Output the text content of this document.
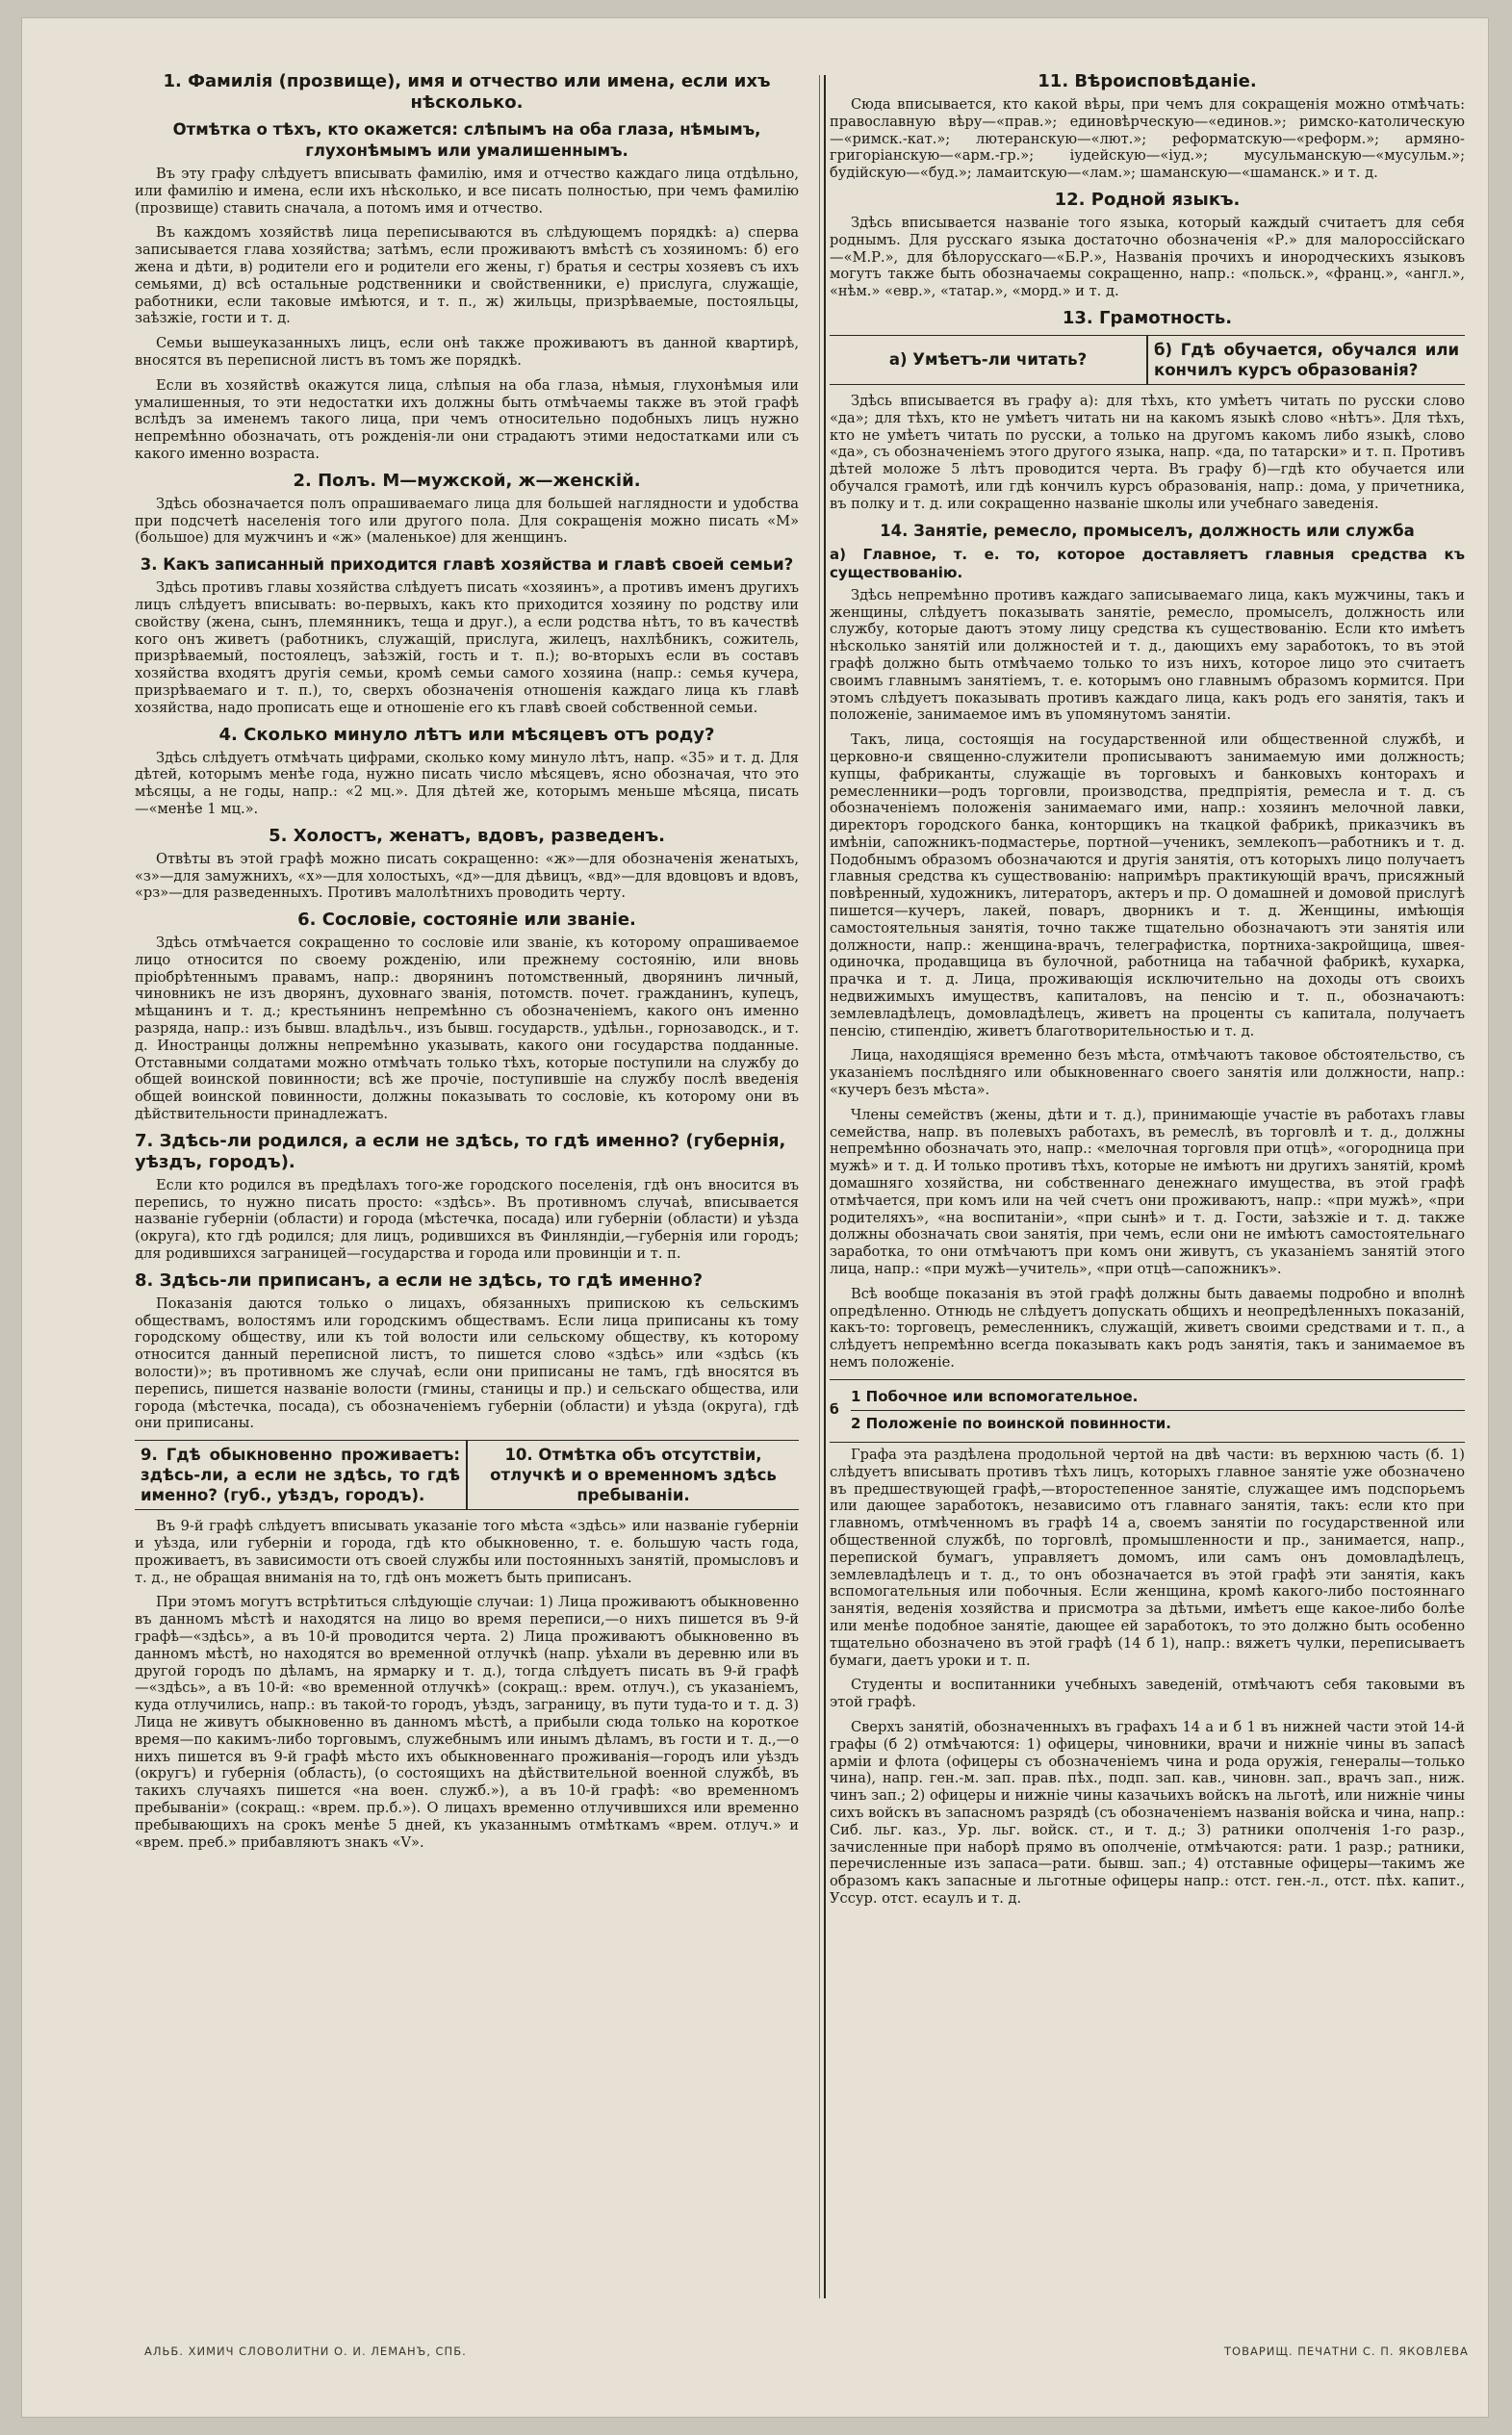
1. Фамилія (прозвище), имя и отчество или имена, если ихъ нѣсколько.
Отмѣтка о тѣхъ, кто окажется: слѣпымъ на оба глаза, нѣмымъ, глухонѣмымъ или умалишеннымъ.

Въ эту графу слѣдуетъ вписывать фамилію, имя и отчество каждаго лица отдѣльно, или фамилію и имена, если ихъ нѣсколько, и все писать полностью, при чемъ фамилію (прозвище) ставить сначала, а потомъ имя и отчество.

Въ каждомъ хозяйствѣ лица переписываются въ слѣдующемъ порядкѣ: а) сперва записывается глава хозяйства; затѣмъ, если проживаютъ вмѣстѣ съ хозяиномъ: б) его жена и дѣти, в) родители его и родители его жены, г) братья и сестры хозяевъ съ ихъ семьями, д) всѣ остальные родственники и свойственники, е) прислуга, служащіе, работники, если таковые имѣются, и т. п., ж) жильцы, призрѣваемые, постояльцы, заѣзжіе, гости и т. д.

Семьи вышеуказанныхъ лицъ, если онѣ также проживаютъ въ данной квартирѣ, вносятся въ переписной листъ въ томъ же порядкѣ.

Если въ хозяйствѣ окажутся лица, слѣпыя на оба глаза, нѣмыя, глухонѣмыя или умалишенныя, то эти недостатки ихъ должны быть отмѣчаемы также въ этой графѣ вслѣдъ за именемъ такого лица, при чемъ относительно подобныхъ лицъ нужно непремѣнно обозначать, отъ рожденія-ли они страдаютъ этими недостатками или съ какого именно возраста.

2. Полъ. М—мужской, ж—женскій.

Здѣсь обозначается полъ опрашиваемаго лица для большей наглядности и удобства при подсчетѣ населенія того или другого пола. Для сокращенія можно писать «М» (большое) для мужчинъ и «ж» (маленькое) для женщинъ.

3. Какъ записанный приходится главѣ хозяйства и главѣ своей семьи?

Здѣсь противъ главы хозяйства слѣдуетъ писать «хозяинъ», а противъ именъ другихъ лицъ слѣдуетъ вписывать: во-первыхъ, какъ кто приходится хозяину по родству или свойству (жена, сынъ, племянникъ, теща и друг.), а если родства нѣтъ, то въ качествѣ кого онъ живетъ (работникъ, служащій, прислуга, жилецъ, нахлѣбникъ, сожитель, призрѣваемый, постоялецъ, заѣзжій, гость и т. п.); во-вторыхъ если въ составъ хозяйства входятъ другія семьи, кромѣ семьи самого хозяина (напр.: семья кучера, призрѣваемаго и т. п.), то, сверхъ обозначенія отношенія каждаго лица къ главѣ хозяйства, надо прописать еще и отношеніе его къ главѣ своей собственной семьи.

4. Сколько минуло лѣтъ или мѣсяцевъ отъ роду?

Здѣсь слѣдуетъ отмѣчать цифрами, сколько кому минуло лѣтъ, напр. «35» и т. д. Для дѣтей, которымъ менѣе года, нужно писать число мѣсяцевъ, ясно обозначая, что это мѣсяцы, а не годы, напр.: «2 мц.». Для дѣтей же, которымъ меньше мѣсяца, писать—«менѣе 1 мц.».

5. Холостъ, женатъ, вдовъ, разведенъ.

Отвѣты въ этой графѣ можно писать сокращенно: «ж»—для обозначенія женатыхъ, «з»—для замужнихъ, «х»—для холостыхъ, «д»—для дѣвицъ, «вд»—для вдовцовъ и вдовъ, «рз»—для разведенныхъ. Противъ малолѣтнихъ проводить черту.

6. Сословіе, состояніе или званіе.

Здѣсь отмѣчается сокращенно то сословіе или званіе, къ которому опрашиваемое лицо относится по своему рожденію, или прежнему состоянію, или вновь пріобрѣтеннымъ правамъ, напр.: дворянинъ потомственный, дворянинъ личный, чиновникъ не изъ дворянъ, духовнаго званія, потомств. почет. гражданинъ, купецъ, мѣщанинъ и т. д.; крестьянинъ непремѣнно съ обозначеніемъ, какого онъ именно разряда, напр.: изъ бывш. владѣльч., изъ бывш. государств., удѣльн., горнозаводск., и т. д. Иностранцы должны непремѣнно указывать, какого они государства подданные. Отставными солдатами можно отмѣчать только тѣхъ, которые поступили на службу до общей воинской повинности; всѣ же прочіе, поступившіе на службу послѣ введенія общей воинской повинности, должны показывать то сословіе, къ которому они въ дѣйствительности принадлежатъ.

7. Здѣсь-ли родился, а если не здѣсь, то гдѣ именно? (губернія, уѣздъ, городъ).

Если кто родился въ предѣлахъ того-же городского поселенія, гдѣ онъ вносится въ перепись, то нужно писать просто: «здѣсь». Въ противномъ случаѣ, вписывается названіе губерніи (области) и города (мѣстечка, посада) или губерніи (области) и уѣзда (округа), кто гдѣ родился; для лицъ, родившихся въ Финляндіи,—губернія или городъ; для родившихся заграницей—государства и города или провинціи и т. п.

8. Здѣсь-ли приписанъ, а если не здѣсь, то гдѣ именно?

Показанія даются только о лицахъ, обязанныхъ припискою къ сельскимъ обществамъ, волостямъ или городскимъ обществамъ. Если лица приписаны къ тому городскому обществу, или къ той волости или сельскому обществу, къ которому относится данный переписной листъ, то пишется слово «здѣсь» или «здѣсь (къ волости)»; въ противномъ же случаѣ, если они приписаны не тамъ, гдѣ вносятся въ перепись, пишется названіе волости (гмины, станицы и пр.) и сельскаго общества, или города (мѣстечка, посада), съ обозначеніемъ губерніи (области) и уѣзда (округа), гдѣ они приписаны.

9. Гдѣ обыкновенно проживаетъ: здѣсь-ли, а если не здѣсь, то гдѣ именно? (губ., уѣздъ, городъ).
10. Отмѣтка объ отсутствіи, отлучкѣ и о временномъ здѣсь пребываніи.

Въ 9-й графѣ слѣдуетъ вписывать указаніе того мѣста «здѣсь» или названіе губерніи и уѣзда, или губерніи и города, гдѣ кто обыкновенно, т. е. большую часть года, проживаетъ, въ зависимости отъ своей службы или постоянныхъ занятій, промысловъ и т. д., не обращая вниманія на то, гдѣ онъ можетъ быть приписанъ.

При этомъ могутъ встрѣтиться слѣдующіе случаи: 1) Лица проживаютъ обыкновенно въ данномъ мѣстѣ и находятся на лицо во время переписи,—о нихъ пишется въ 9-й графѣ—«здѣсь», а въ 10-й проводится черта. 2) Лица проживаютъ обыкновенно въ данномъ мѣстѣ, но находятся во временной отлучкѣ (напр. уѣхали въ деревню или въ другой городъ по дѣламъ, на ярмарку и т. д.), тогда слѣдуетъ писать въ 9-й графѣ—«здѣсь», а въ 10-й: «во временной отлучкѣ» (сокращ.: врем. отлуч.), съ указаніемъ, куда отлучились, напр.: въ такой-то городъ, уѣздъ, заграницу, въ пути туда-то и т. д. 3) Лица не живутъ обыкновенно въ данномъ мѣстѣ, а прибыли сюда только на короткое время—по какимъ-либо торговымъ, служебнымъ или инымъ дѣламъ, въ гости и т. д.,—о нихъ пишется въ 9-й графѣ мѣсто ихъ обыкновеннаго проживанія—городъ или уѣздъ (округъ) и губернія (область), (о состоящихъ на дѣйствительной военной службѣ, въ такихъ случаяхъ пишется «на воен. служб.»), а въ 10-й графѣ: «во временномъ пребываніи» (сокращ.: «врем. пр.б.»). О лицахъ временно отлучившихся или временно пребывающихъ на срокъ менѣе 5 дней, къ указаннымъ отмѣткамъ «врем. отлуч.» и «врем. преб.» прибавляютъ знакъ «V».

11. Вѣроисповѣданіе.

Сюда вписывается, кто какой вѣры, при чемъ для сокращенія можно отмѣчать: православную вѣру—«прав.»; единовѣрческую—«единов.»; римско-католическую—«римск.-кат.»; лютеранскую—«лют.»; реформатскую—«реформ.»; армяно-григоріанскую—«арм.-гр.»; іудейскую—«іуд.»; мусульманскую—«мусульм.»; будійскую—«буд.»; ламаитскую—«лам.»; шаманскую—«шаманск.» и т. д.

12. Родной языкъ.

Здѣсь вписывается названіе того языка, который каждый считаетъ для себя роднымъ. Для русскаго языка достаточно обозначенія «Р.» для малороссійскаго—«М.Р.», для бѣлорусскаго—«Б.Р.», Названія прочихъ и инородческихъ языковъ могутъ также быть обозначаемы сокращенно, напр.: «польск.», «франц.», «англ.», «нѣм.» «евр.», «татар.», «морд.» и т. д.

13. Грамотность.
а) Умѣетъ-ли читать?
б) Гдѣ обучается, обучался или кончилъ курсъ образованія?

Здѣсь вписывается въ графу а): для тѣхъ, кто умѣетъ читать по русски слово «да»; для тѣхъ, кто не умѣетъ читать ни на какомъ языкѣ слово «нѣтъ». Для тѣхъ, кто не умѣетъ читать по русски, а только на другомъ какомъ либо языкѣ, слово «да», съ обозначеніемъ этого другого языка, напр. «да, по татарски» и т. п. Противъ дѣтей моложе 5 лѣтъ проводится черта. Въ графу б)—гдѣ кто обучается или обучался грамотѣ, или гдѣ кончилъ курсъ образованія, напр.: дома, у причетника, въ полку и т. д. или сокращенно названіе школы или учебнаго заведенія.

14. Занятіе, ремесло, промыселъ, должность или служба
а) Главное, т. е. то, которое доставляетъ главныя средства къ существованію.

Здѣсь непремѣнно противъ каждаго записываемаго лица, какъ мужчины, такъ и женщины, слѣдуетъ показывать занятіе, ремесло, промыселъ, должность или службу, которые даютъ этому лицу средства къ существованію. Если кто имѣетъ нѣсколько занятій или должностей и т. д., дающихъ ему заработокъ, то въ этой графѣ должно быть отмѣчаемо только то изъ нихъ, которое лицо это считаетъ своимъ главнымъ занятіемъ, т. е. которымъ оно главнымъ образомъ кормится. При этомъ слѣдуетъ показывать противъ каждаго лица, какъ родъ его занятія, такъ и положеніе, занимаемое имъ въ упомянутомъ занятіи.

Такъ, лица, состоящія на государственной или общественной службѣ, и церковно-и священно-служители прописываютъ занимаемую ими должность; купцы, фабриканты, служащіе въ торговыхъ и банковыхъ конторахъ и ремесленники—родъ торговли, производства, предпріятія, ремесла и т. д. съ обозначеніемъ положенія занимаемаго ими, напр.: хозяинъ мелочной лавки, директоръ городского банка, конторщикъ на ткацкой фабрикѣ, приказчикъ въ имѣніи, сапожникъ-подмастерье, портной—ученикъ, землекопъ—работникъ и т. д. Подобнымъ образомъ обозначаются и другія занятія, отъ которыхъ лицо получаетъ главныя средства къ существованію: напримѣръ практикующій врачъ, присяжный повѣренный, художникъ, литераторъ, актеръ и пр. О домашней и домовой прислугѣ пишется—кучеръ, лакей, поваръ, дворникъ и т. д. Женщины, имѣющія самостоятельныя занятія, точно также тщательно обозначаютъ эти занятія или должности, напр.: женщина-врачъ, телеграфистка, портниха-закройщица, швея-одиночка, продавщица въ булочной, работница на табачной фабрикѣ, кухарка, прачка и т. д. Лица, проживающія исключительно на доходы отъ своихъ недвижимыхъ имуществъ, капиталовъ, на пенсію и т. п., обозначаютъ: землевладѣлецъ, домовладѣлецъ, живетъ на проценты съ капитала, получаетъ пенсію, стипендію, живетъ благотворительностью и т. д.

Лица, находящіяся временно безъ мѣста, отмѣчаютъ таковое обстоятельство, съ указаніемъ послѣдняго или обыкновеннаго своего занятія или должности, напр.: «кучеръ безъ мѣста».

Члены семействъ (жены, дѣти и т. д.), принимающіе участіе въ работахъ главы семейства, напр. въ полевыхъ работахъ, въ ремеслѣ, въ торговлѣ и т. д., должны непремѣнно обозначать это, напр.: «мелочная торговля при отцѣ», «огородница при мужѣ» и т. д. И только противъ тѣхъ, которые не имѣютъ ни другихъ занятій, кромѣ домашняго хозяйства, ни собственнаго денежнаго имущества, въ этой графѣ отмѣчается, при комъ или на чей счетъ они проживаютъ, напр.: «при мужѣ», «при родителяхъ», «на воспитаніи», «при сынѣ» и т. д. Гости, заѣзжіе и т. д. также должны обозначать свои занятія, при чемъ, если они не имѣютъ самостоятельнаго заработка, то они отмѣчаютъ при комъ они живутъ, съ указаніемъ занятій этого лица, напр.: «при мужѣ—учитель», «при отцѣ—сапожникъ».

Всѣ вообще показанія въ этой графѣ должны быть даваемы подробно и вполнѣ опредѣленно. Отнюдь не слѣдуетъ допускать общихъ и неопредѣленныхъ показаній, какъ-то: торговецъ, ремесленникъ, служащій, живетъ своими средствами и т. п., а слѣдуетъ непремѣнно всегда показывать какъ родъ занятія, такъ и занимаемое въ немъ положеніе.

б
1 Побочное или вспомогательное.
2 Положеніе по воинской повинности.

Графа эта раздѣлена продольной чертой на двѣ части: въ верхнюю часть (б. 1) слѣдуетъ вписывать противъ тѣхъ лицъ, которыхъ главное занятіе уже обозначено въ предшествующей графѣ,—второстепенное занятіе, служащее имъ подспорьемъ или дающее заработокъ, независимо отъ главнаго занятія, такъ: если кто при главномъ, отмѣченномъ въ графѣ 14 а, своемъ занятіи по государственной или общественной службѣ, по торговлѣ, промышленности и пр., занимается, напр., перепиской бумагъ, управляетъ домомъ, или самъ онъ домовладѣлецъ, землевладѣлецъ и т. д., то онъ обозначается въ этой графѣ эти занятія, какъ вспомогательныя или побочныя. Если женщина, кромѣ какого-либо постояннаго занятія, веденія хозяйства и присмотра за дѣтьми, имѣетъ еще какое-либо болѣе или менѣе подобное занятіе, дающее ей заработокъ, то это должно быть особенно тщательно обозначено въ этой графѣ (14 б 1), напр.: вяжетъ чулки, переписываетъ бумаги, даетъ уроки и т. п.

Студенты и воспитанники учебныхъ заведеній, отмѣчаютъ себя таковыми въ этой графѣ.

Сверхъ занятій, обозначенныхъ въ графахъ 14 а и б 1 въ нижней части этой 14-й графы (б 2) отмѣчаются: 1) офицеры, чиновники, врачи и нижніе чины въ запасѣ арміи и флота (офицеры съ обозначеніемъ чина и рода оружія, генералы—только чина), напр. ген.-м. зап. прав. пѣх., подп. зап. кав., чиновн. зап., врачъ зап., ниж. чинъ зап.; 2) офицеры и нижніе чины казачьихъ войскъ на льготѣ, или нижніе чины сихъ войскъ въ запасномъ разрядѣ (съ обозначеніемъ названія войска и чина, напр.: Сиб. льг. каз., Ур. льг. войск. ст., и т. д.; 3) ратники ополченія 1-го разр., зачисленные при наборѣ прямо въ ополченіе, отмѣчаются: рати. 1 разр.; ратники, перечисленные изъ запаса—рати. бывш. зап.; 4) отставные офицеры—такимъ же образомъ какъ запасные и льготные офицеры напр.: отст. ген.-л., отст. пѣх. капит., Уссур. отст. есаулъ и т. д.

АЛЬБ. ХИМИЧ СЛОВОЛИТНИ О. И. ЛЕМАНЪ, СПБ.	ТОВАРИЩ. ПЕЧАТНИ С. П. ЯКОВЛЕВА
